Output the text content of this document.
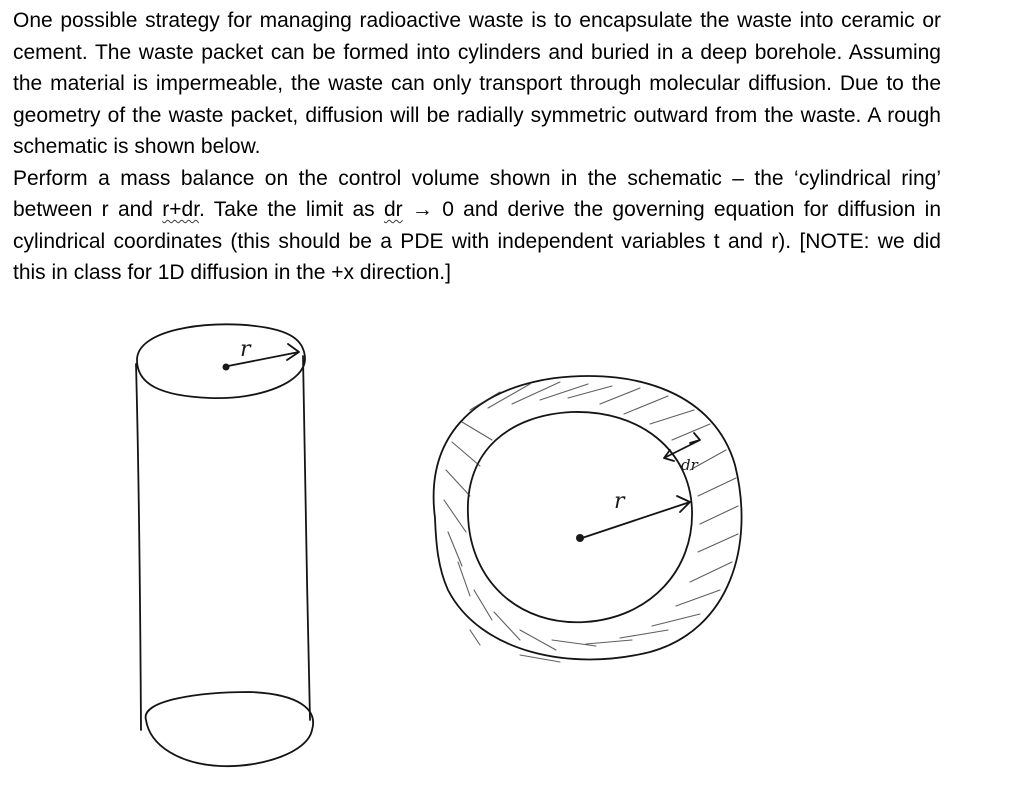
One possible strategy for managing radioactive waste is to encapsulate the waste into ceramic or cement. The waste packet can be formed into cylinders and buried in a deep borehole. Assuming the material is impermeable, the waste can only transport through molecular diffusion. Due to the geometry of the waste packet, diffusion will be radially symmetric outward from the waste. A rough schematic is shown below.

Perform a mass balance on the control volume shown in the schematic – the ‘cylindrical ring’ between r and r+dr. Take the limit as dr → 0 and derive the governing equation for diffusion in cylindrical coordinates (this should be a PDE with independent variables t and r). [NOTE: we did this in class for 1D diffusion in the +x direction.]

r
r
dr
